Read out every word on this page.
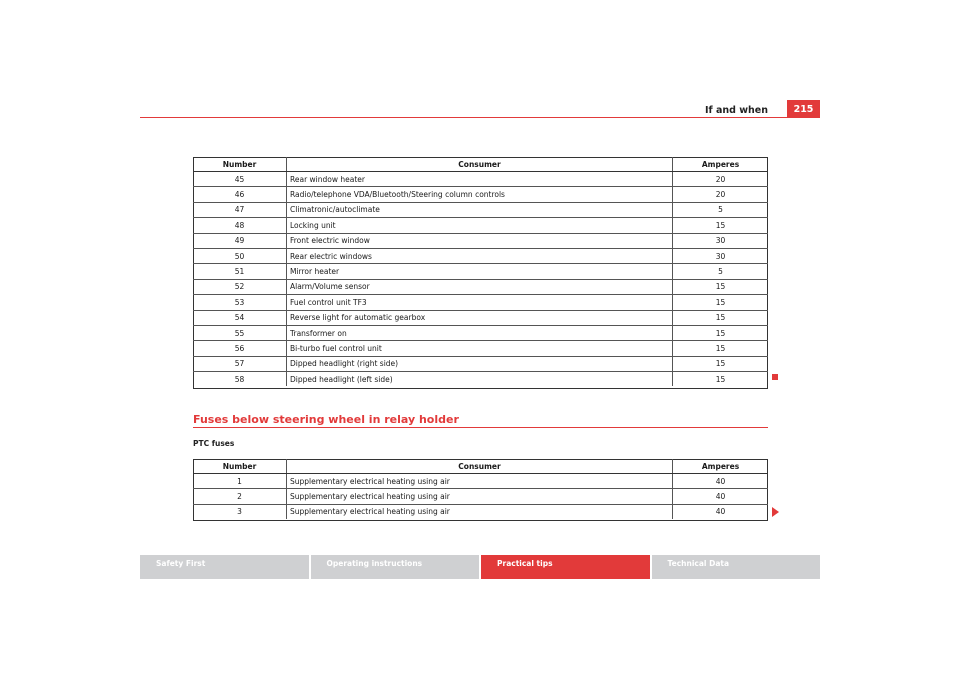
If and when	215
Number	Consumer	Amperes
45	Rear window heater	20
46	Radio/telephone VDA/Bluetooth/Steering column controls	20
47	Climatronic/autoclimate	5
48	Locking unit	15
49	Front electric window	30
50	Rear electric windows	30
51	Mirror heater	5
52	Alarm/Volume sensor	15
53	Fuel control unit TF3	15
54	Reverse light for automatic gearbox	15
55	Transformer on	15
56	Bi-turbo fuel control unit	15
57	Dipped headlight (right side)	15
58	Dipped headlight (left side)	15
Fuses below steering wheel in relay holder
PTC fuses
Number	Consumer	Amperes
1	Supplementary electrical heating using air	40
2	Supplementary electrical heating using air	40
3	Supplementary electrical heating using air	40
Safety First	Operating instructions	Practical tips	Technical Data
